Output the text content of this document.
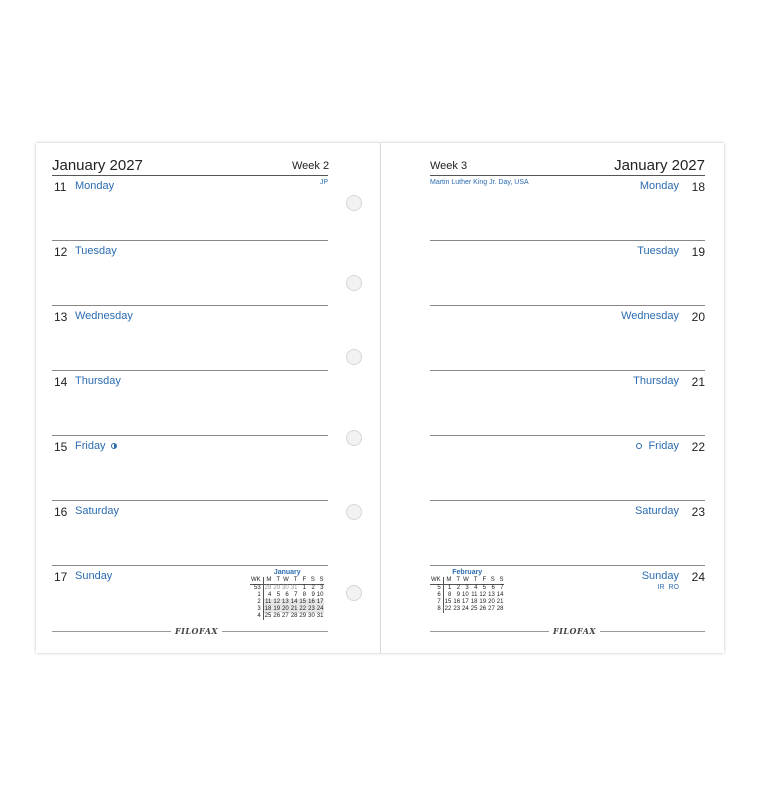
January 2027	Week 2
11 Monday	JP
12 Tuesday
13 Wednesday
14 Thursday
15 Friday
16 Saturday
17 Sunday	January
WK	M	T	W	T	F	S	S
53	28	29	30	31	1	2	3
1	4	5	6	7	8	9	10
2	11	12	13	14	15	16	17
3	18	19	20	21	22	23	24
4	25	26	27	28	29	30	31
FILOFAX
Week 3	January 2027
Martin Luther King Jr. Day, USA	Monday 18
Tuesday 19
Wednesday 20
Thursday 21
Friday 22
Saturday 23
Sunday 24
IR  RO
February
WK	M	T	W	T	F	S	S
5	1	2	3	4	5	6	7
6	8	9	10	11	12	13	14
7	15	16	17	18	19	20	21
8	22	23	24	25	26	27	28
FILOFAX
